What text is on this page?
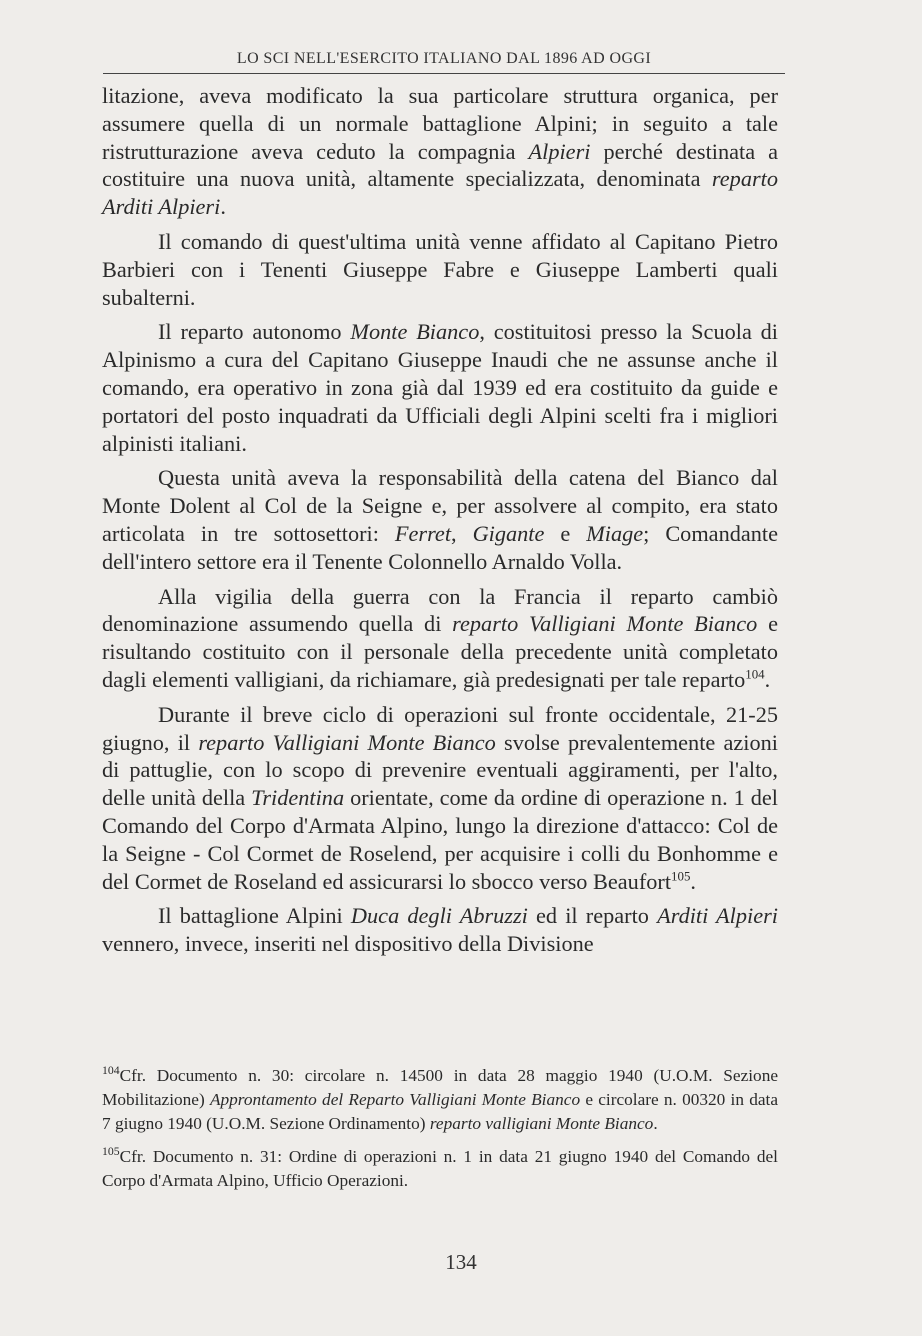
LO SCI NELL'ESERCITO ITALIANO DAL 1896 AD OGGI

litazione, aveva modificato la sua particolare struttura organica, per assumere quella di un normale battaglione Alpini; in seguito a tale ristrutturazione aveva ceduto la compagnia Alpieri perché destinata a costituire una nuova unità, altamente specializzata, denominata reparto Arditi Alpieri.

Il comando di quest'ultima unità venne affidato al Capitano Pietro Barbieri con i Tenenti Giuseppe Fabre e Giuseppe Lamberti quali subalterni.

Il reparto autonomo Monte Bianco, costituitosi presso la Scuola di Alpinismo a cura del Capitano Giuseppe Inaudi che ne assunse anche il comando, era operativo in zona già dal 1939 ed era costituito da guide e portatori del posto inquadrati da Ufficiali degli Alpini scelti fra i migliori alpinisti italiani.

Questa unità aveva la responsabilità della catena del Bianco dal Monte Dolent al Col de la Seigne e, per assolvere al compito, era stato articolata in tre sottosettori: Ferret, Gigante e Miage; Comandante dell'intero settore era il Tenente Colonnello Arnaldo Volla.

Alla vigilia della guerra con la Francia il reparto cambiò denominazione assumendo quella di reparto Valligiani Monte Bianco e risultando costituito con il personale della precedente unità completato dagli elementi valligiani, da richiamare, già predesignati per tale reparto$^{104}$.

Durante il breve ciclo di operazioni sul fronte occidentale, 21-25 giugno, il reparto Valligiani Monte Bianco svolse prevalentemente azioni di pattuglie, con lo scopo di prevenire eventuali aggiramenti, per l'alto, delle unità della Tridentina orientate, come da ordine di operazione n. 1 del Comando del Corpo d'Armata Alpino, lungo la direzione d'attacco: Col de la Seigne - Col Cormet de Roselend, per acquisire i colli du Bonhomme e del Cormet de Roseland ed assicurarsi lo sbocco verso Beaufort$^{105}$.

Il battaglione Alpini Duca degli Abruzzi ed il reparto Arditi Alpieri vennero, invece, inseriti nel dispositivo della Divisione

$^{104}$Cfr. Documento n. 30: circolare n. 14500 in data 28 maggio 1940 (U.O.M. Sezione Mobilitazione) Approntamento del Reparto Valligiani Monte Bianco e circolare n. 00320 in data 7 giugno 1940 (U.O.M. Sezione Ordinamento) reparto valligiani Monte Bianco.

$^{105}$Cfr. Documento n. 31: Ordine di operazioni n. 1 in data 21 giugno 1940 del Comando del Corpo d'Armata Alpino, Ufficio Operazioni.

134
